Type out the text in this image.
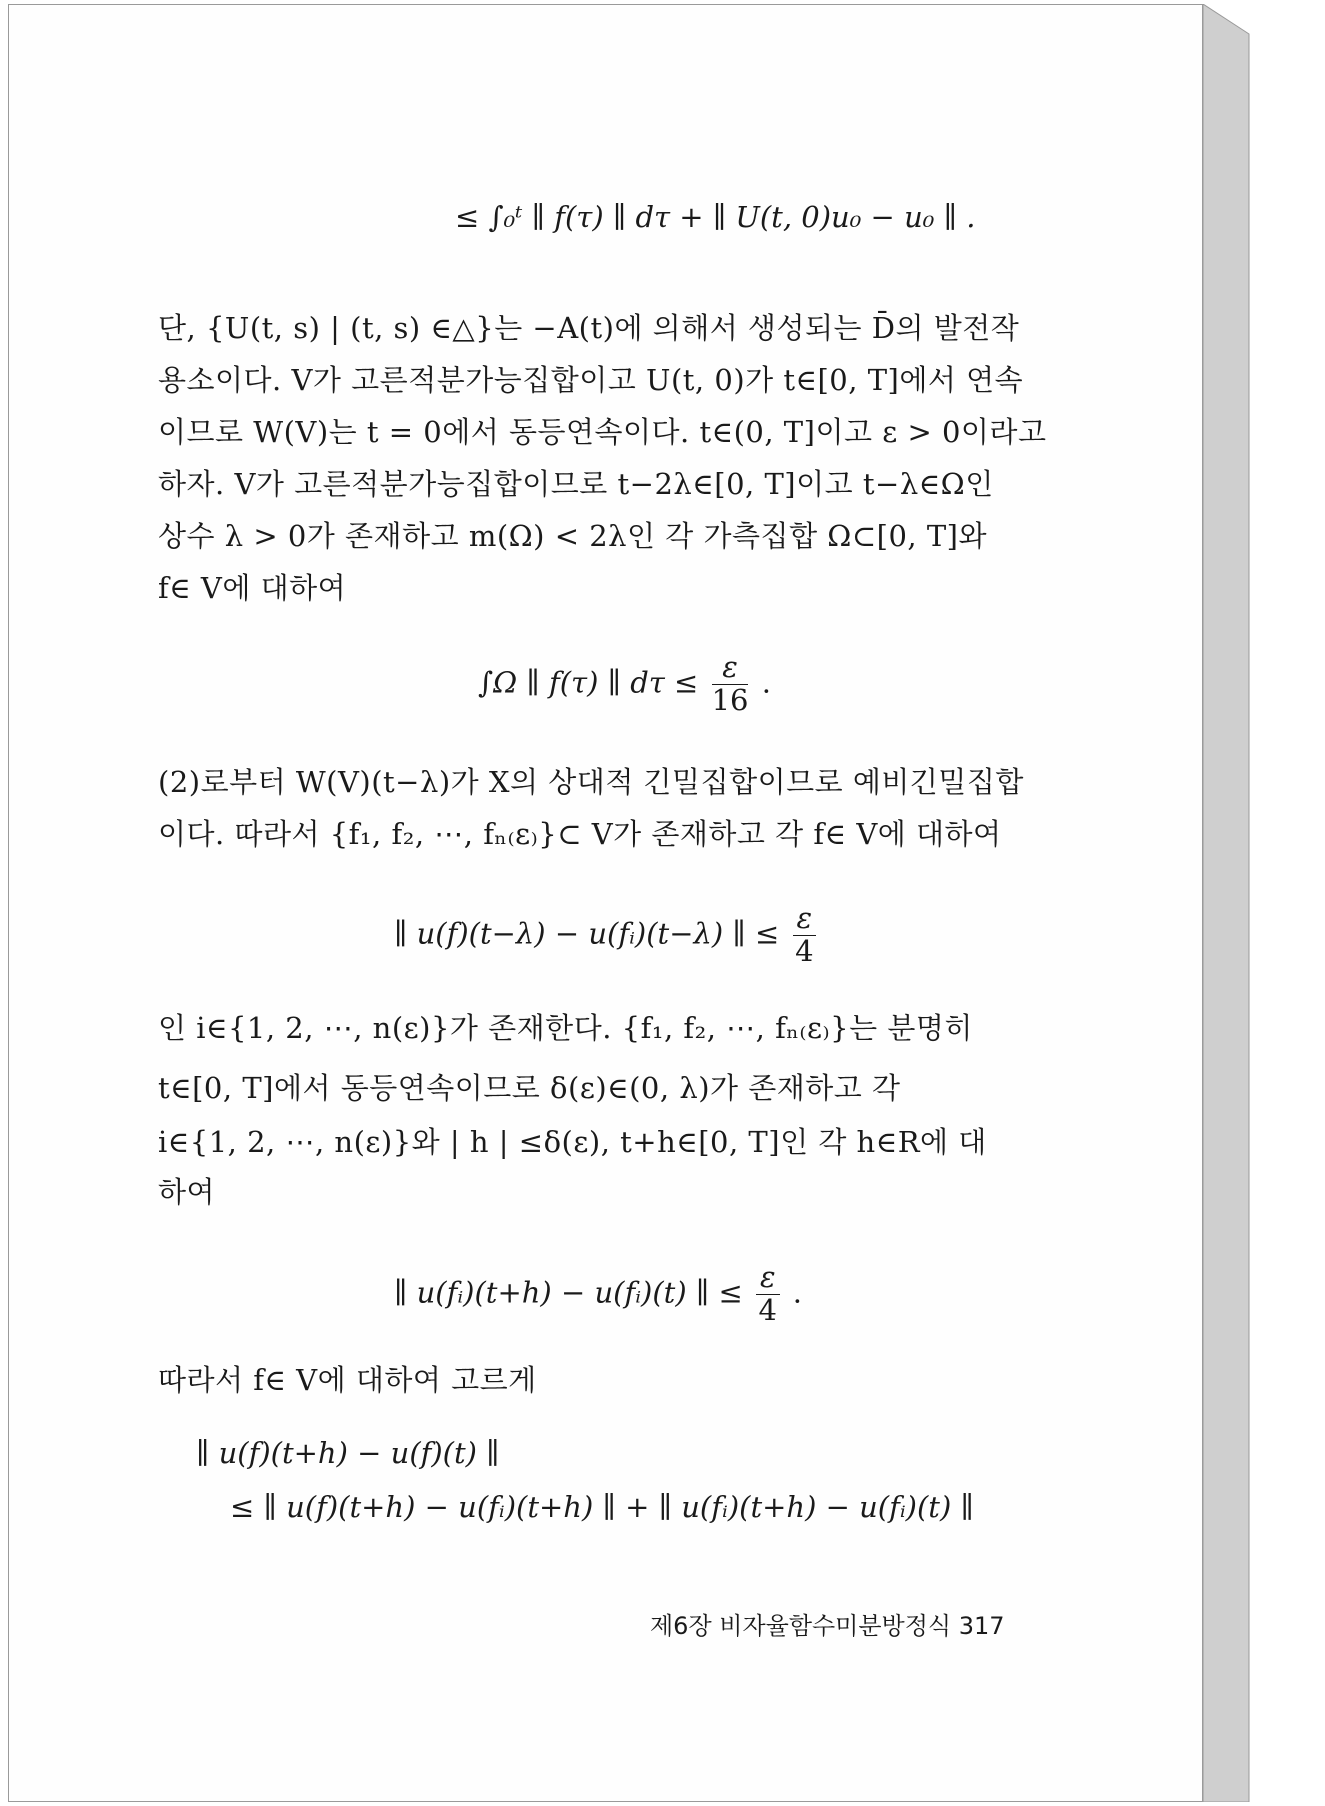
≤ ∫₀ᵗ ∥ f(τ) ∥ dτ + ∥ U(t, 0)u₀ − u₀ ∥ .
단, {U(t, s) | (t, s) ∈△}는 −A(t)에 의해서 생성되는 D̄의 발전작
용소이다. V가 고른적분가능집합이고 U(t, 0)가 t∈[0, T]에서 연속
이므로 W(V)는 t = 0에서 동등연속이다. t∈(0, T]이고 ε > 0이라고
하자. V가 고른적분가능집합이므로 t−2λ∈[0, T]이고 t−λ∈Ω인
상수 λ > 0가 존재하고 m(Ω) < 2λ인 각 가측집합 Ω⊂[0, T]와
f∈ V에 대하여
∫Ω ∥ f(τ) ∥ $d\tau \le \frac{\varepsilon}{16}$ .
(2)로부터 W(V)(t−λ)가 X의 상대적 긴밀집합이므로 예비긴밀집합
이다. 따라서 {f₁, f₂, ⋯, fₙ₍ε₎}⊂ V가 존재하고 각 f∈ V에 대하여
∥ u(f)(t−λ) − u(fᵢ)(t−λ) ∥ ≤ $\frac{\varepsilon}{4}$
인 i∈{1, 2, ⋯, n(ε)}가 존재한다. {f₁, f₂, ⋯, fₙ₍ε₎}는 분명히
t∈[0, T]에서 동등연속이므로 δ(ε)∈(0, λ)가 존재하고 각
i∈{1, 2, ⋯, n(ε)}와 | h | ≤δ(ε), t+h∈[0, T]인 각 h∈R에 대
하여
∥ u(fᵢ)(t+h) − u(fᵢ)(t) ∥ ≤ $\frac{\varepsilon}{4}$ .
따라서 f∈ V에 대하여 고르게
∥ u(f)(t+h) − u(f)(t) ∥
≤ ∥ u(f)(t+h) − u(fᵢ)(t+h) ∥ + ∥ u(fᵢ)(t+h) − u(fᵢ)(t) ∥
제6장 비자율함수미분방정식 317
